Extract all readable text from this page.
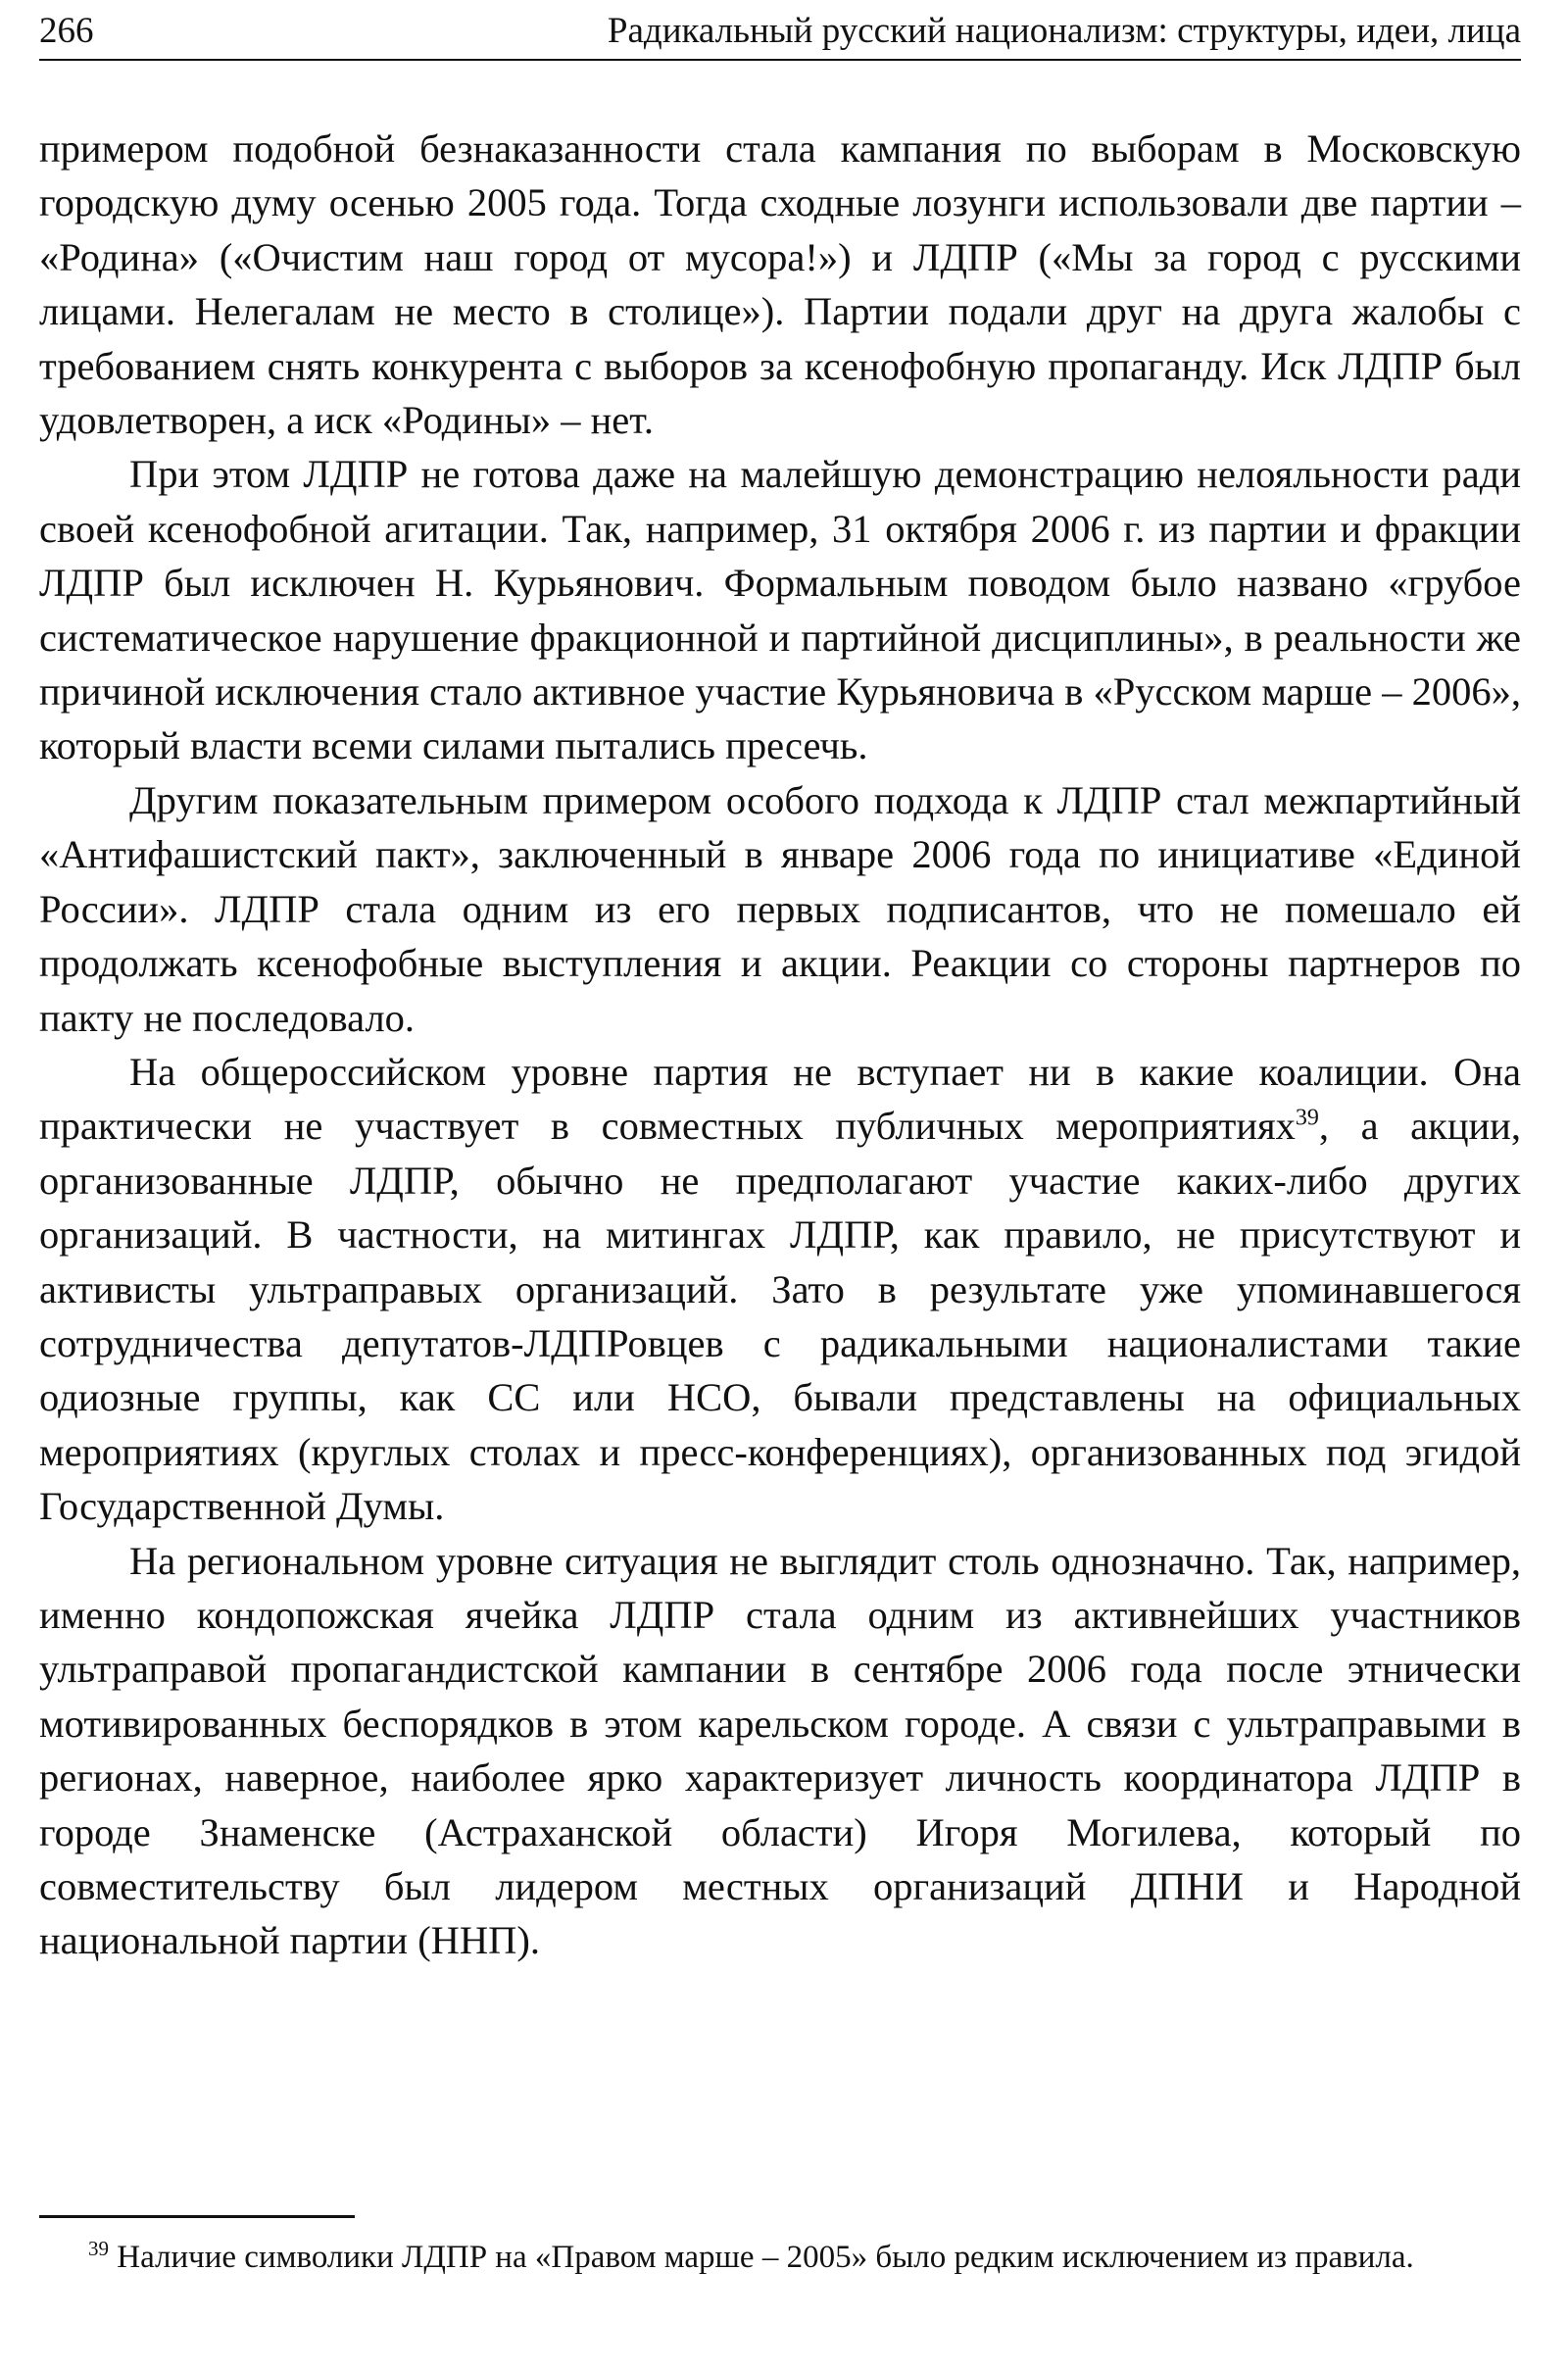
266	Радикальный русский национализм: структуры, идеи, лица

примером подобной безнаказанности стала кампания по выборам в Московскую городскую думу осенью 2005 года. Тогда сходные лозунги использовали две партии – «Родина» («Очистим наш город от мусора!») и ЛДПР («Мы за город с русскими лицами. Нелегалам не место в столице»). Партии подали друг на друга жалобы с требованием снять конкурента с выборов за ксенофобную пропаганду. Иск ЛДПР был удовлетворен, а иск «Родины» – нет.

При этом ЛДПР не готова даже на малейшую демонстрацию нелояльности ради своей ксенофобной агитации. Так, например, 31 октября 2006 г. из партии и фракции ЛДПР был исключен Н. Курьянович. Формальным поводом было названо «грубое систематическое нарушение фракционной и партийной дисциплины», в реальности же причиной исключения стало активное участие Курьяновича в «Русском марше – 2006», который власти всеми силами пытались пресечь.

Другим показательным примером особого подхода к ЛДПР стал межпартийный «Антифашистский пакт», заключенный в январе 2006 года по инициативе «Единой России». ЛДПР стала одним из его первых подписантов, что не помешало ей продолжать ксенофобные выступления и акции. Реакции со стороны партнеров по пакту не последовало.

На общероссийском уровне партия не вступает ни в какие коалиции. Она практически не участвует в совместных публичных мероприятиях$^{39}$, а акции, организованные ЛДПР, обычно не предполагают участие каких-либо других организаций. В частности, на митингах ЛДПР, как правило, не присутствуют и активисты ультраправых организаций. Зато в результате уже упоминавшегося сотрудничества депутатов-ЛДПРовцев с радикальными националистами такие одиозные группы, как СС или НСО, бывали представлены на официальных мероприятиях (круглых столах и пресс-конференциях), организованных под эгидой Государственной Думы.

На региональном уровне ситуация не выглядит столь однозначно. Так, например, именно кондопожская ячейка ЛДПР стала одним из активнейших участников ультраправой пропагандистской кампании в сентябре 2006 года после этнически мотивированных беспорядков в этом карельском городе. А связи с ультраправыми в регионах, наверное, наиболее ярко характеризует личность координатора ЛДПР в городе Знаменске (Астраханской области) Игоря Могилева, который по совместительству был лидером местных организаций ДПНИ и Народной национальной партии (ННП).

$^{39}$ Наличие символики ЛДПР на «Правом марше – 2005» было редким исключением из правила.
